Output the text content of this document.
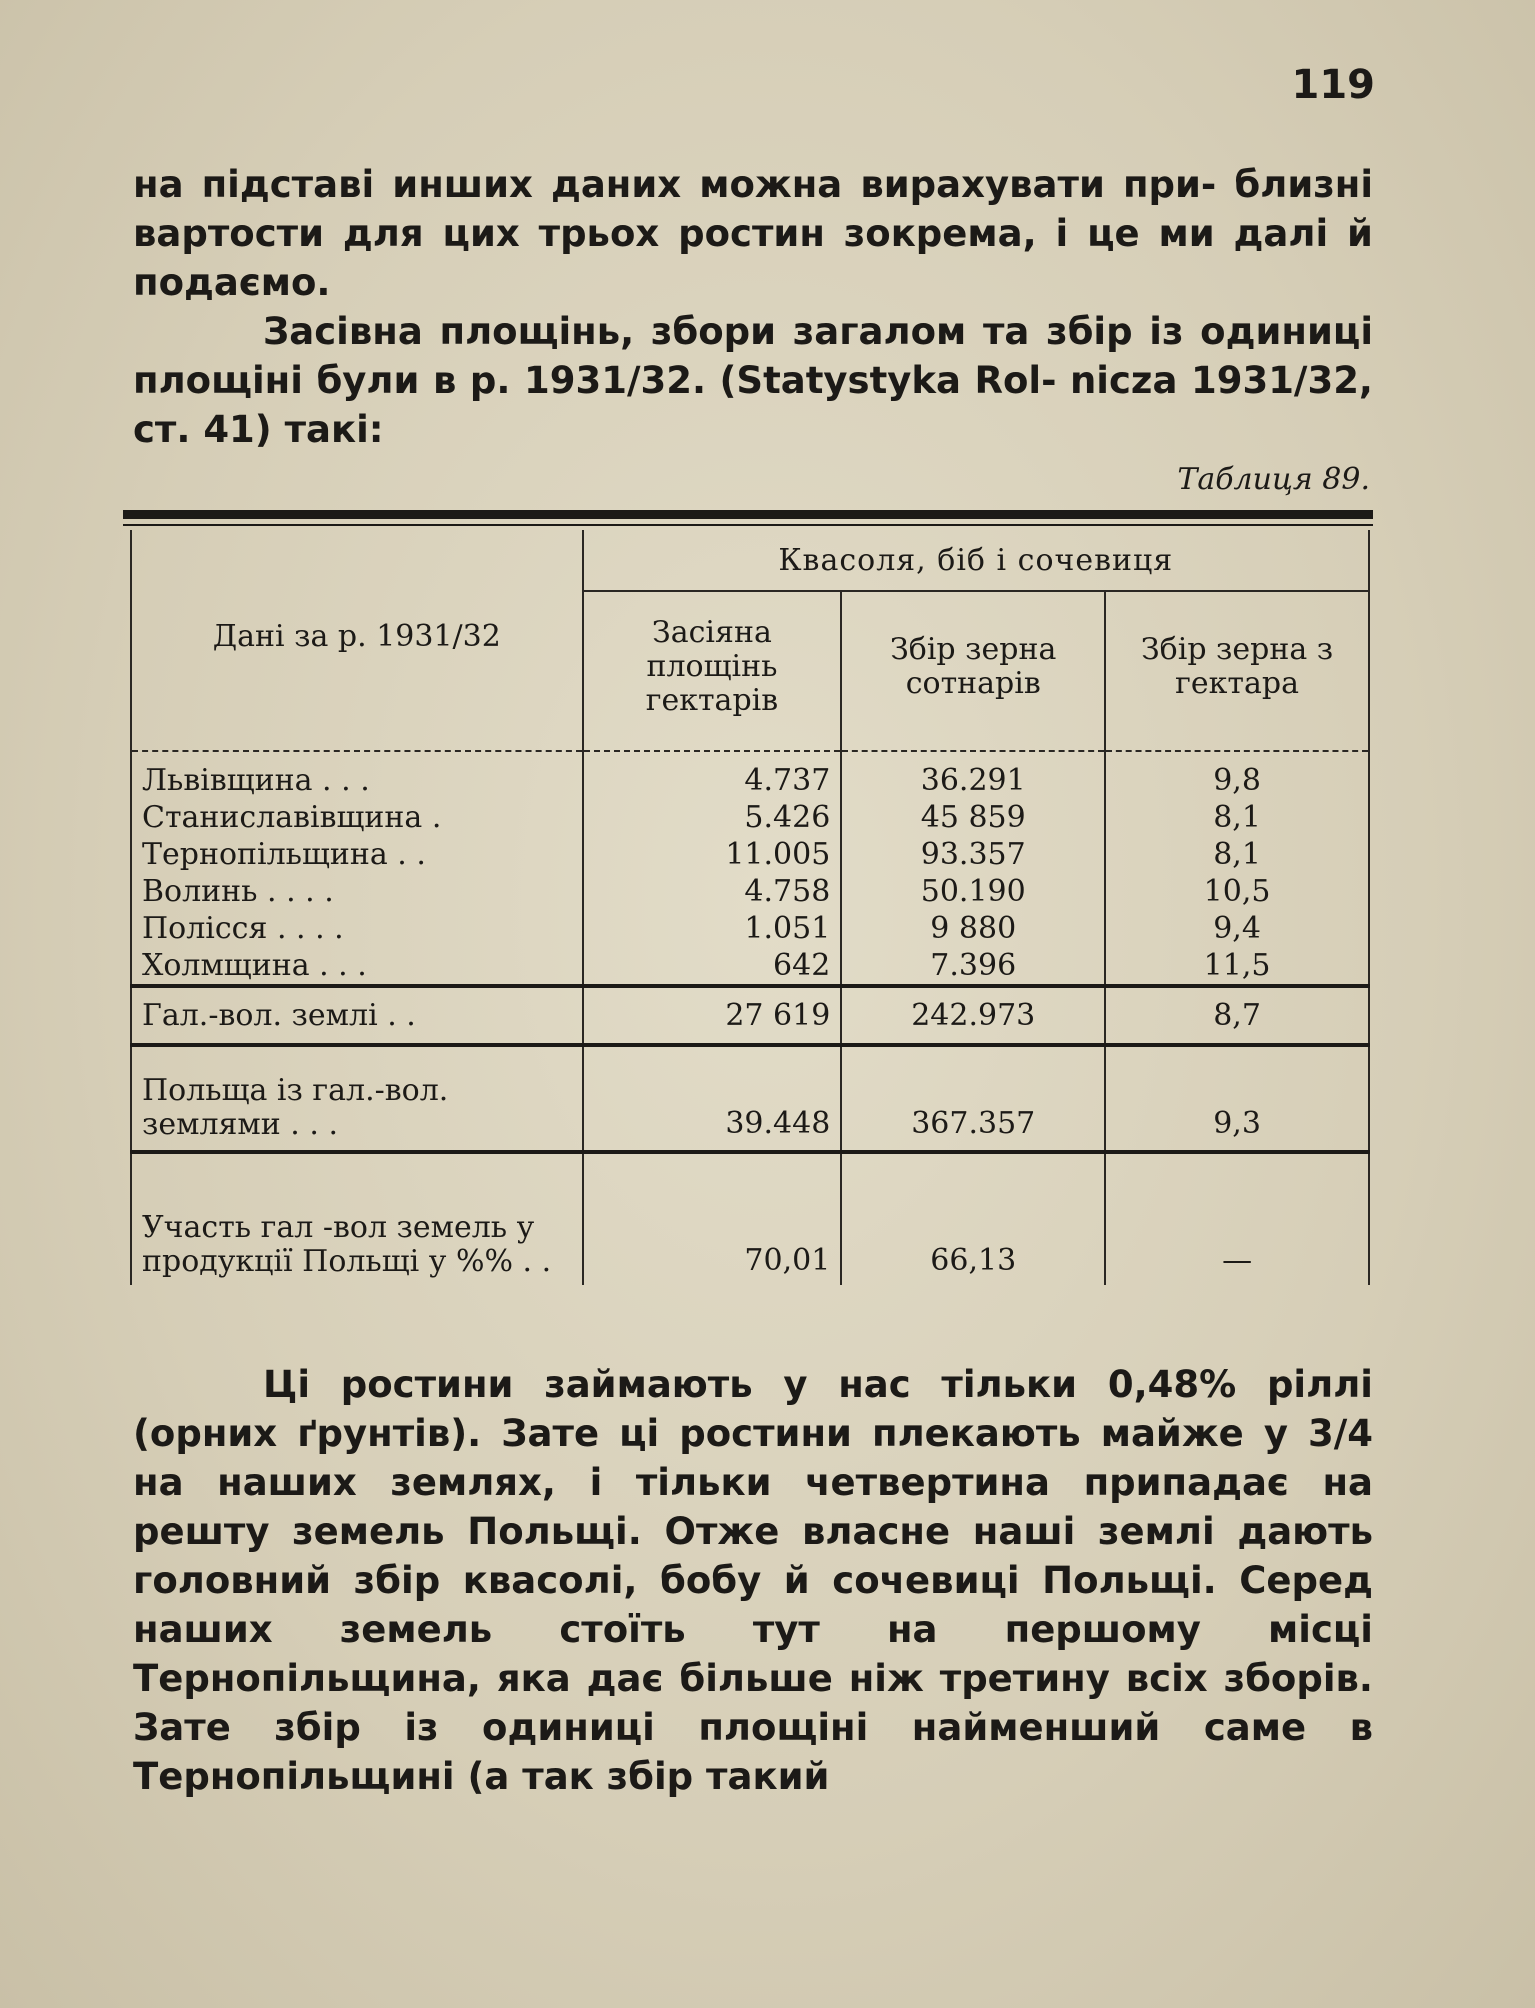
119

на підставі инших даних можна вирахувати при- близні вартости для цих трьох ростин зокрема, і це ми далі й подаємо.
Засівна площінь, збори загалом та збір із одиниці площіні були в р. 1931/32. (Statystyka Rol- nicza 1931/32, ст. 41) такі:

Таблиця 89.
Дані за р. 1931/32	Квасоля, біб і сочевиця		
	Засіяна площінь гектарів	Збір зерна сотнарів	Збір зерна з гектара

Львівщина . . .	4.737	36.291	9,8
Станиславівщина .	5.426	45 859	8,1
Тернопільщина . .	11.005	93.357	8,1
Волинь . . . .	4.758	50.190	10,5
Полісся . . . .	1.051	9 880	9,4
Холмщина . . .	642	7.396	11,5
Гал.-вол. землі . .	27 619	242.973	8,7
Польща із гал.-вол. землями . . .	39.448	367.357	9,3
Участь гал -вол земель у продукції Польщі у %% . .	70,01	66,13	—

Ці ростини займають у нас тільки 0,48% ріллі (орних ґрунтів). Зате ці ростини плекають майже у 3/4 на наших землях, і тільки четвертина припадає на решту земель Польщі. Отже власне наші землі дають головний збір квасолі, бобу й сочевиці Польщі. Серед наших земель стоїть тут на першому місці Тернопільщина, яка дає більше ніж третину всіх зборів. Зате збір із одиниці площіні найменший саме в Тернопільщині (а так збір такий
